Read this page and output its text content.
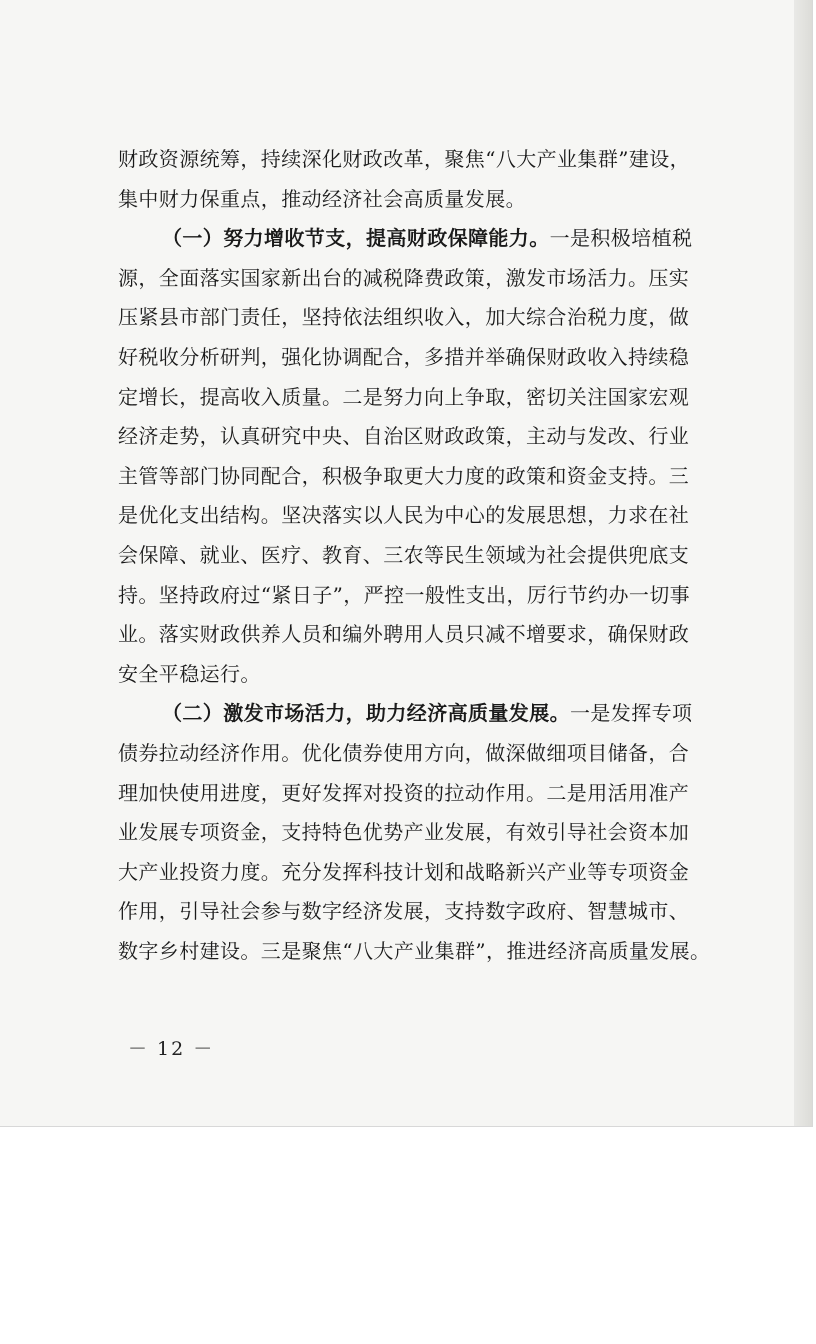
财政资源统筹，持续深化财政改革，聚焦“八大产业集群”建设，
集中财力保重点，推动经济社会高质量发展。
（一）努力增收节支，提高财政保障能力。一是积极培植税
源，全面落实国家新出台的减税降费政策，激发市场活力。压实
压紧县市部门责任，坚持依法组织收入，加大综合治税力度，做
好税收分析研判，强化协调配合，多措并举确保财政收入持续稳
定增长，提高收入质量。二是努力向上争取，密切关注国家宏观
经济走势，认真研究中央、自治区财政政策，主动与发改、行业
主管等部门协同配合，积极争取更大力度的政策和资金支持。三
是优化支出结构。坚决落实以人民为中心的发展思想，力求在社
会保障、就业、医疗、教育、三农等民生领域为社会提供兜底支
持。坚持政府过“紧日子”，严控一般性支出，厉行节约办一切事
业。落实财政供养人员和编外聘用人员只减不增要求，确保财政
安全平稳运行。
（二）激发市场活力，助力经济高质量发展。一是发挥专项
债券拉动经济作用。优化债券使用方向，做深做细项目储备，合
理加快使用进度，更好发挥对投资的拉动作用。二是用活用准产
业发展专项资金，支持特色优势产业发展，有效引导社会资本加
大产业投资力度。充分发挥科技计划和战略新兴产业等专项资金
作用，引导社会参与数字经济发展，支持数字政府、智慧城市、
数字乡村建设。三是聚焦“八大产业集群”，推进经济高质量发展。
－ 12 －
